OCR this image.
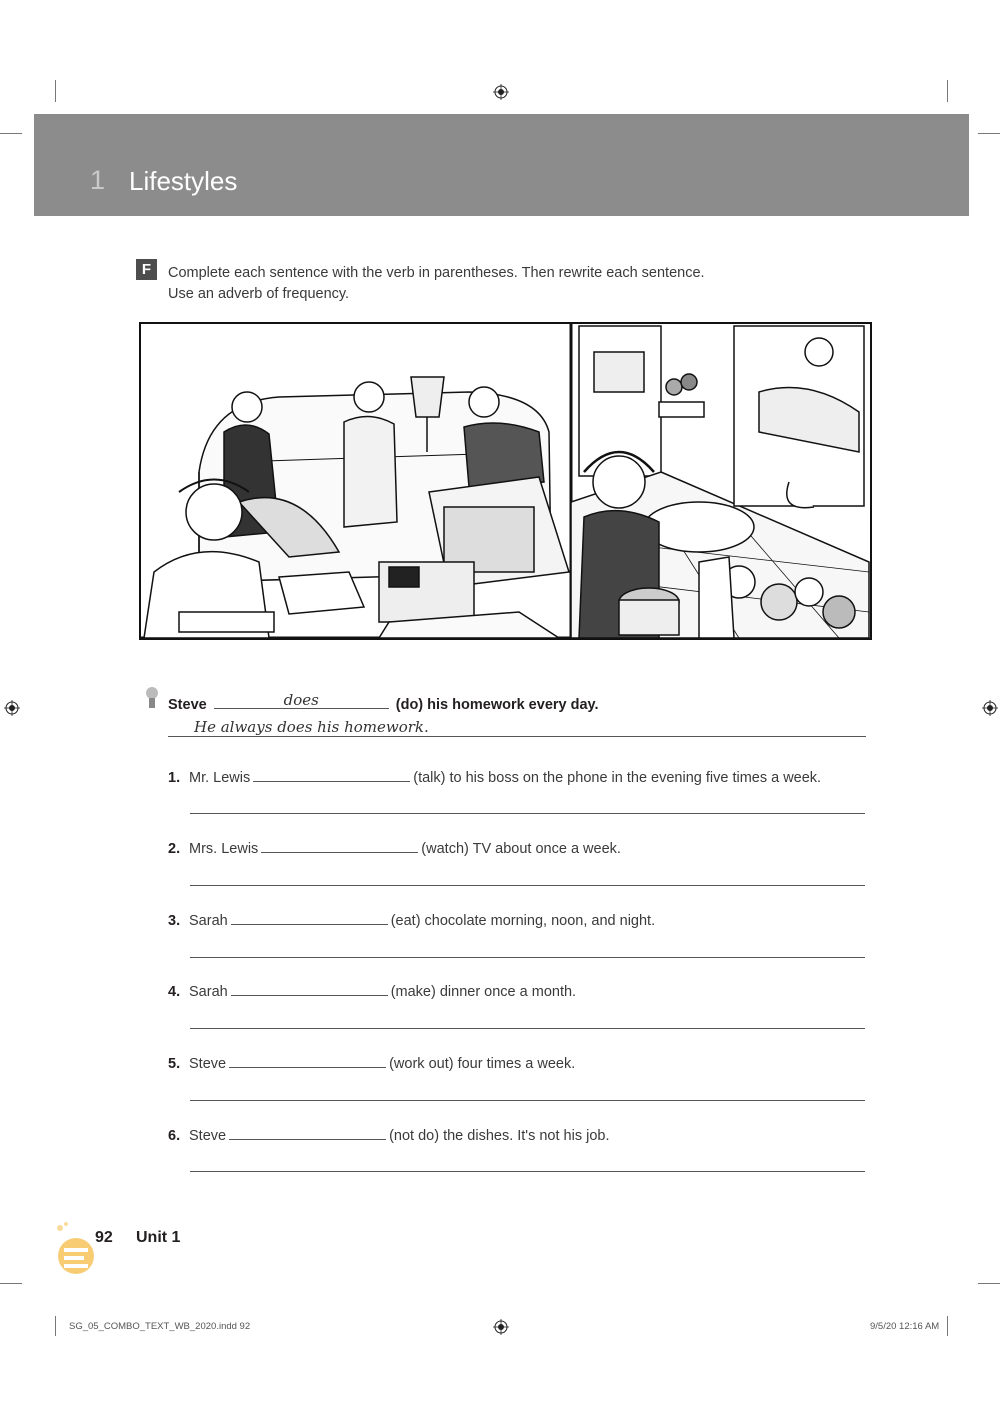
1 Lifestyles
F	Complete each sentence with the verb in parentheses. Then rewrite each sentence.
Use an adverb of frequency.
Steve	does	(do) his homework every day.
He always does his homework.
1. Mr. Lewis	(talk) to his boss on the phone in the evening five times a week.
2. Mrs. Lewis	(watch) TV about once a week.
3. Sarah	(eat) chocolate morning, noon, and night.
4. Sarah	(make) dinner once a month.
5. Steve	(work out) four times a week.
6. Steve	(not do) the dishes. It's not his job.
92 Unit 1
SG_05_COMBO_TEXT_WB_2020.indd 92	9/5/20 12:16 AM
